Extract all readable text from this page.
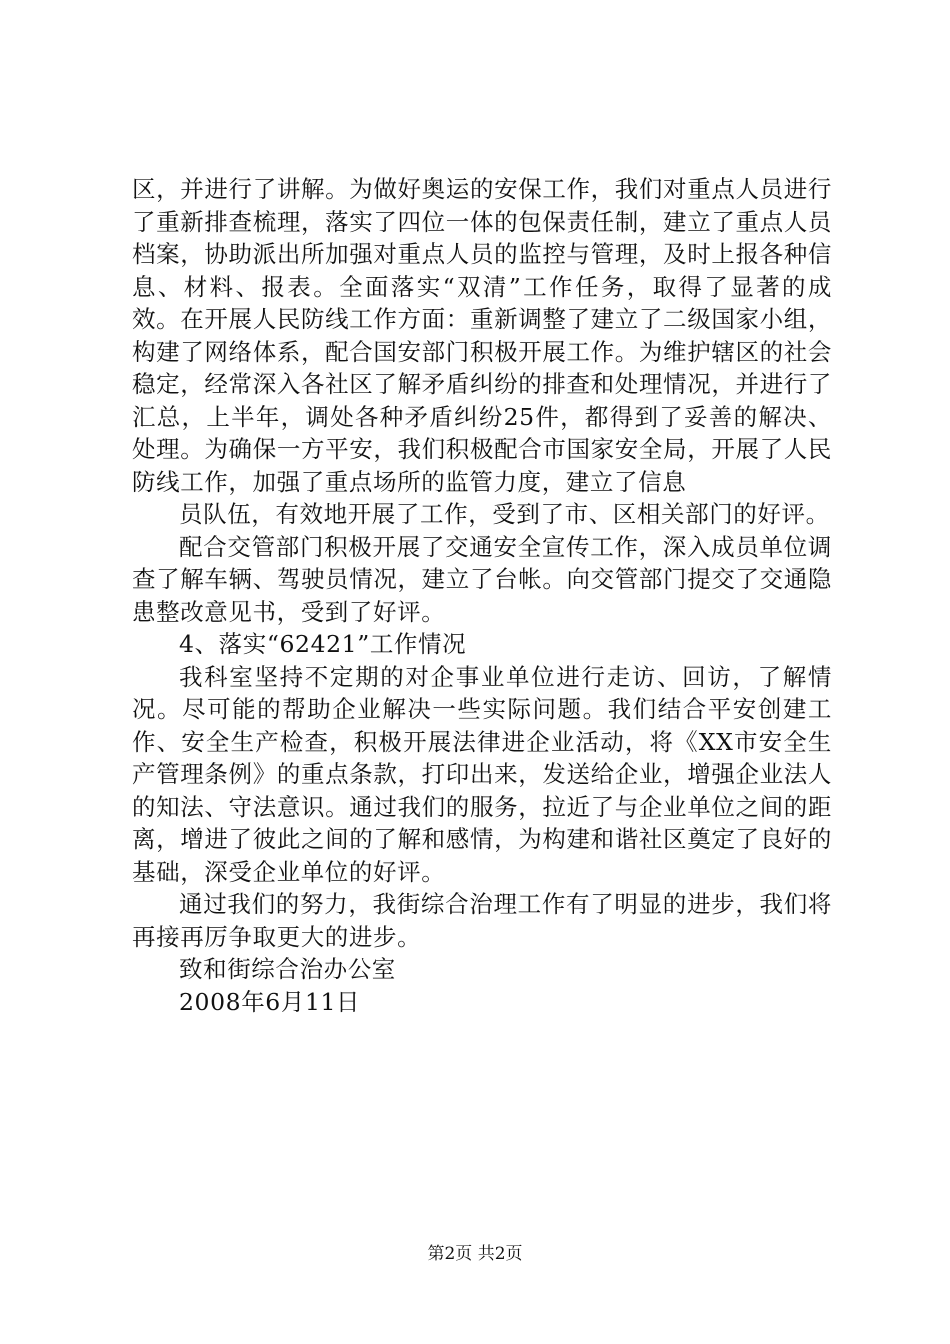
区，并进行了讲解。为做好奥运的安保工作，我们对重点人员进行了重新排查梳理，落实了四位一体的包保责任制，建立了重点人员档案，协助派出所加强对重点人员的监控与管理，及时上报各种信息、材料、报表。全面落实“双清”工作任务，取得了显著的成效。在开展人民防线工作方面：重新调整了建立了二级国家小组，构建了网络体系，配合国安部门积极开展工作。为维护辖区的社会稳定，经常深入各社区了解矛盾纠纷的排查和处理情况，并进行了汇总，上半年，调处各种矛盾纠纷25件，都得到了妥善的解决、处理。为确保一方平安，我们积极配合市国家安全局，开展了人民防线工作，加强了重点场所的监管力度，建立了信息

员队伍，有效地开展了工作，受到了市、区相关部门的好评。

配合交管部门积极开展了交通安全宣传工作，深入成员单位调查了解车辆、驾驶员情况，建立了台帐。向交管部门提交了交通隐患整改意见书，受到了好评。

4、落实“62421”工作情况

我科室坚持不定期的对企事业单位进行走访、回访，了解情况。尽可能的帮助企业解决一些实际问题。我们结合平安创建工作、安全生产检查，积极开展法律进企业活动，将《XX市安全生产管理条例》的重点条款，打印出来，发送给企业，增强企业法人的知法、守法意识。通过我们的服务，拉近了与企业单位之间的距离，增进了彼此之间的了解和感情，为构建和谐社区奠定了良好的基础，深受企业单位的好评。

通过我们的努力，我街综合治理工作有了明显的进步，我们将再接再厉争取更大的进步。

致和街综合治办公室

2008年6月11日

第2页 共2页
